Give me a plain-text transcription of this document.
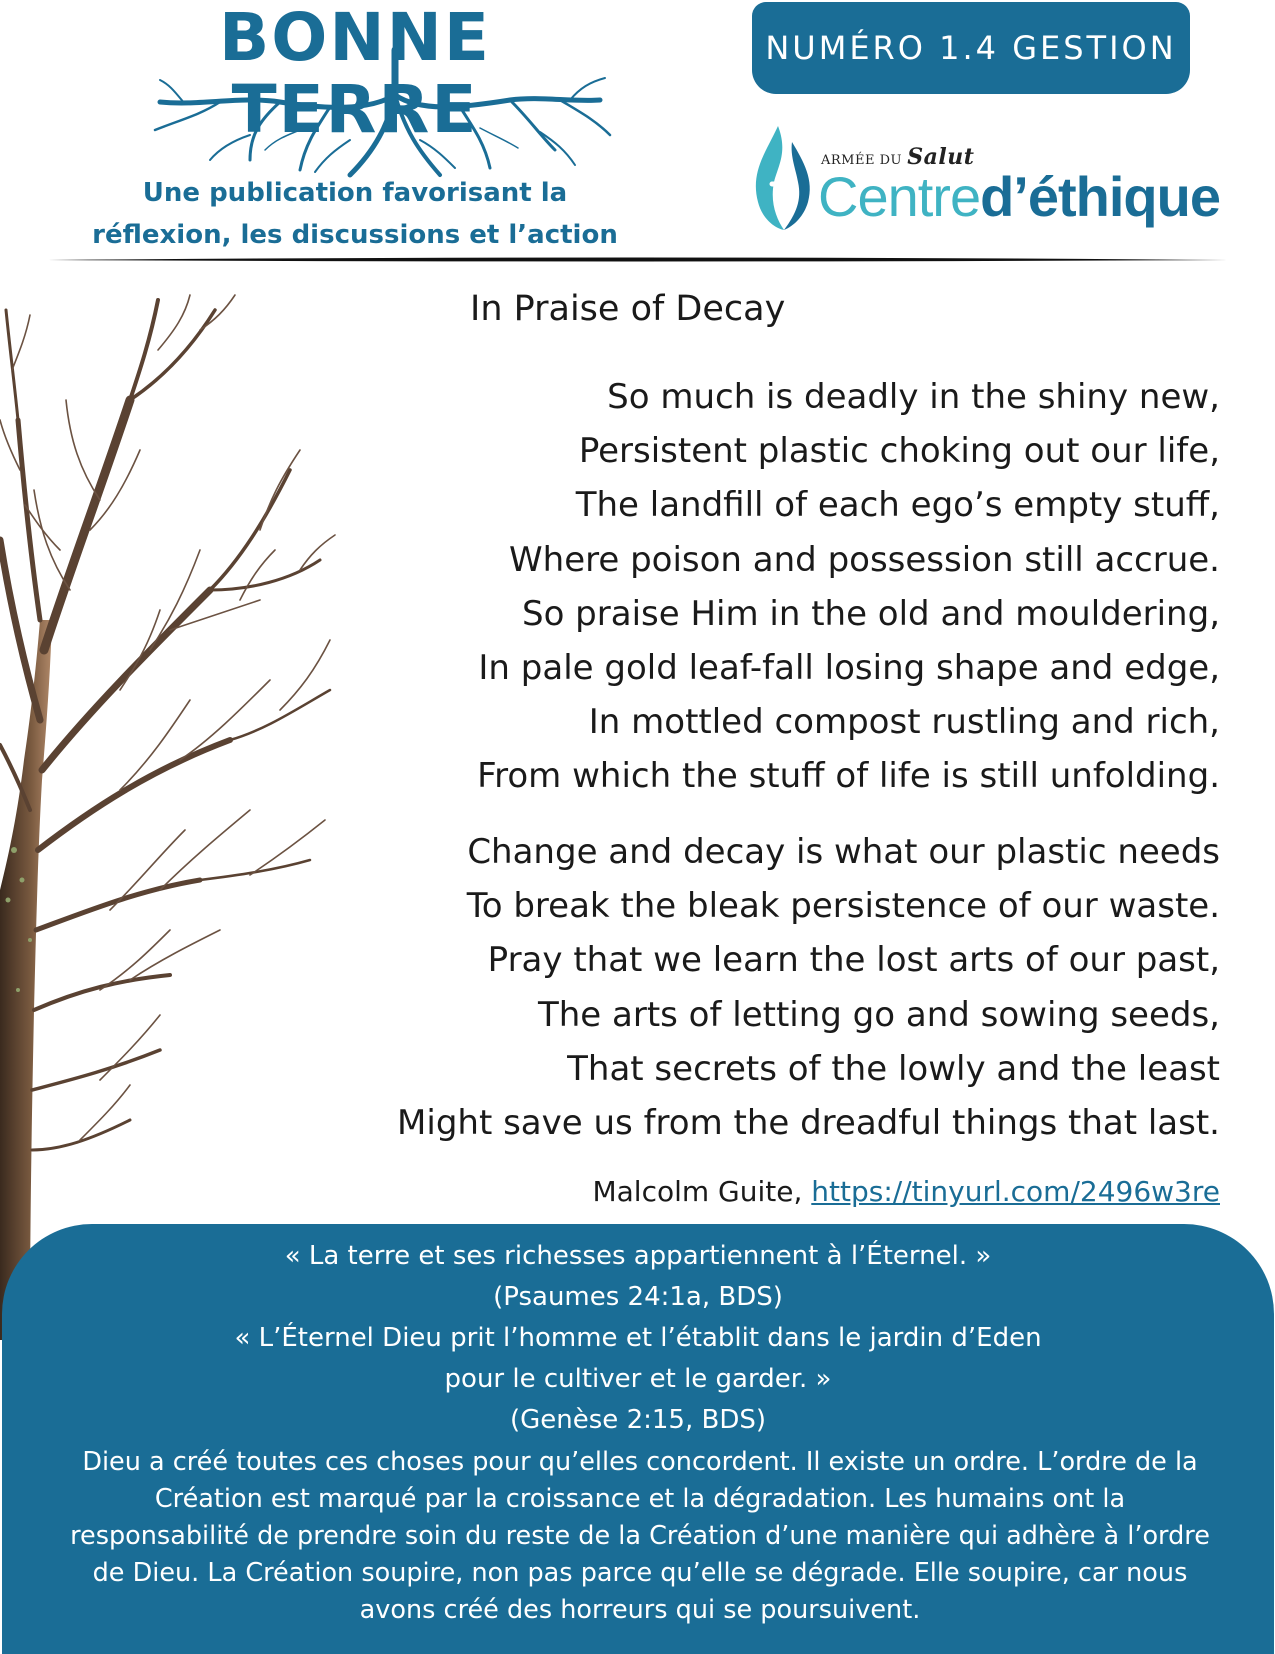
BONNE TERRE
Une publication favorisant la
réflexion, les discussions et l’action
NUMÉRO 1.4 GESTION
ARMÉE DU Salut
Centred’éthique
In Praise of Decay

So much is deadly in the shiny new,
Persistent plastic choking out our life,
The landfill of each ego’s empty stuff,
Where poison and possession still accrue.
So praise Him in the old and mouldering,
In pale gold leaf-fall losing shape and edge,
In mottled compost rustling and rich,
From which the stuff of life is still unfolding.

Change and decay is what our plastic needs
To break the bleak persistence of our waste.
Pray that we learn the lost arts of our past,
The arts of letting go and sowing seeds,
That secrets of the lowly and the least
Might save us from the dreadful things that last.

Malcolm Guite, https://tinyurl.com/2496w3re

« La terre et ses richesses appartiennent à l’Éternel. »

(Psaumes 24:1a, BDS)

« L’Éternel Dieu prit l’homme et l’établit dans le jardin d’Eden

pour le cultiver et le garder. »

(Genèse 2:15, BDS)

Dieu a créé toutes ces choses pour qu’elles concordent. Il existe un ordre. L’ordre de la
Création est marqué par la croissance et la dégradation. Les humains ont la
responsabilité de prendre soin du reste de la Création d’une manière qui adhère à l’ordre
de Dieu. La Création soupire, non pas parce qu’elle se dégrade. Elle soupire, car nous
avons créé des horreurs qui se poursuivent.
